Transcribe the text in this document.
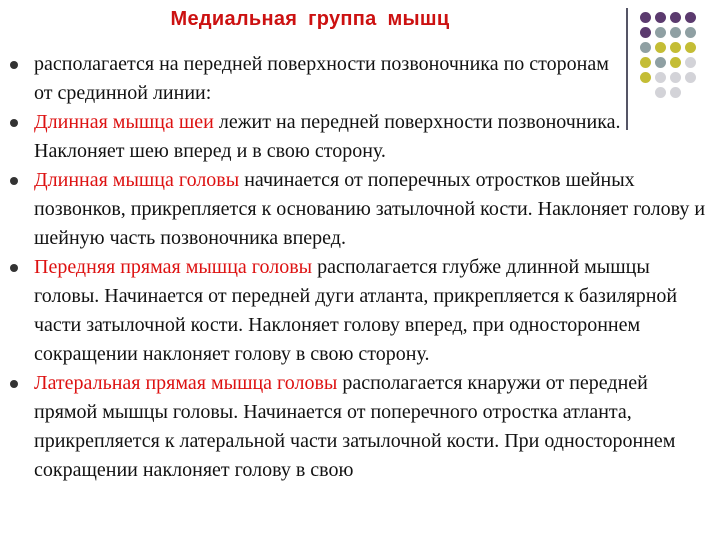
Медиальная группа мышц
располагается на передней поверхности позвоночника по сторонам от срединной линии:
Длинная мышца шеи лежит на передней поверхности позвоночника. Наклоняет шею вперед и в свою сторону.
Длинная мышца головы начинается от поперечных отростков шейных позвонков, прикрепляется к основанию затылочной кости. Наклоняет голову и шейную часть позвоночника вперед.
Передняя прямая мышца головы располагается глубже длинной мышцы головы. Начинается от передней дуги атланта, прикрепляется к базилярной части затылочной кости. Наклоняет голову вперед, при одностороннем сокращении наклоняет голову в свою сторону.
Латеральная прямая мышца головы располагается кнаружи от передней прямой мышцы головы. Начинается от поперечного отростка атланта, прикрепляется к латеральной части затылочной кости. При одностороннем сокращении наклоняет голову в свою
